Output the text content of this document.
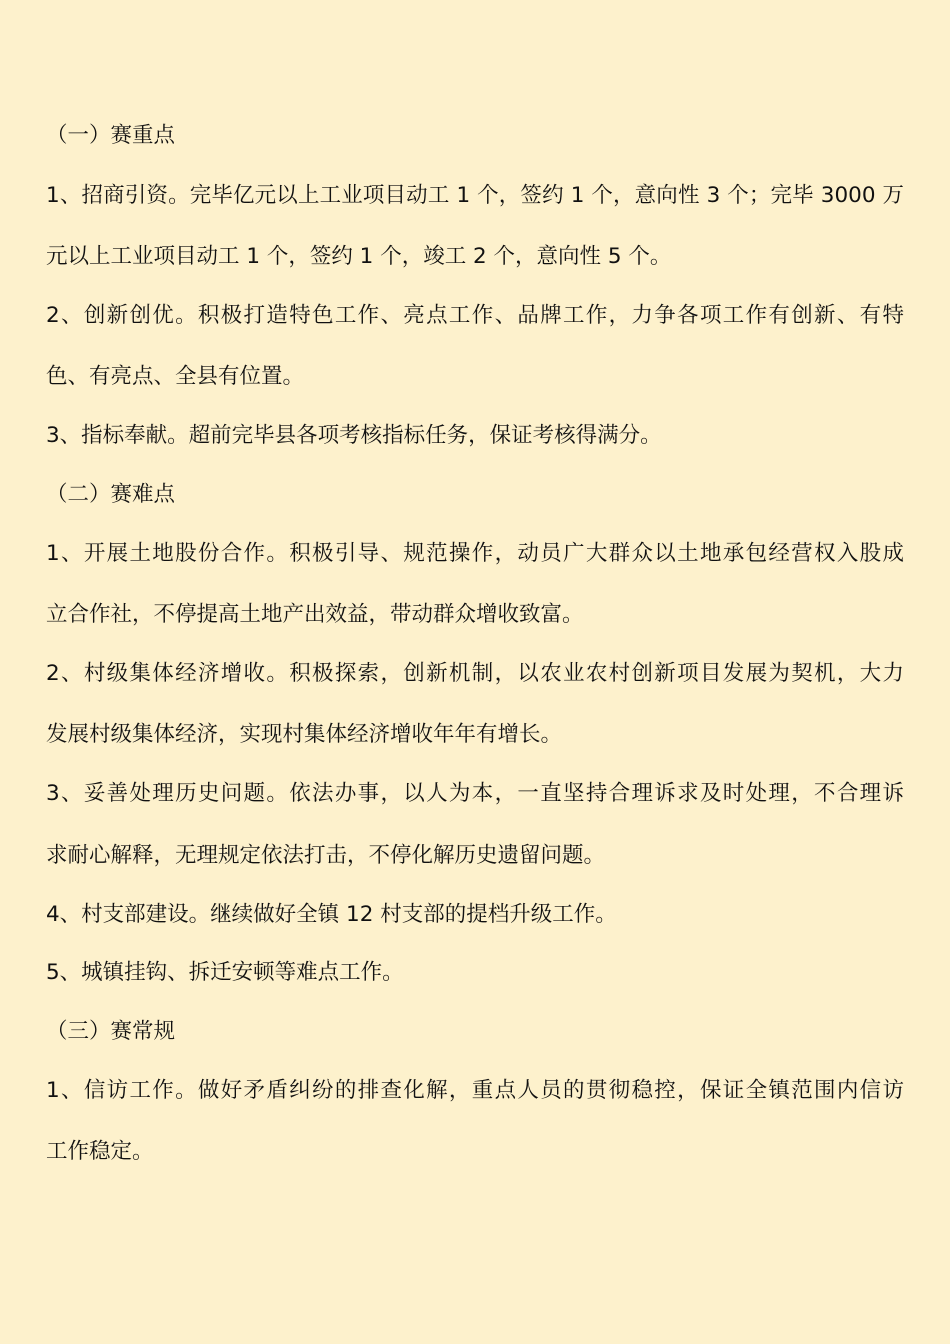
（一）赛重点

1、招商引资。完毕亿元以上工业项目动工 1 个，签约 1 个，意向性 3 个；完毕 3000 万

元以上工业项目动工 1 个，签约 1 个，竣工 2 个，意向性 5 个。

2、创新创优。积极打造特色工作、亮点工作、品牌工作，力争各项工作有创新、有特

色、有亮点、全县有位置。

3、指标奉献。超前完毕县各项考核指标任务，保证考核得满分。

（二）赛难点

1、开展土地股份合作。积极引导、规范操作，动员广大群众以土地承包经营权入股成

立合作社，不停提高土地产出效益，带动群众增收致富。

2、村级集体经济增收。积极探索，创新机制，以农业农村创新项目发展为契机，大力

发展村级集体经济，实现村集体经济增收年年有增长。

3、妥善处理历史问题。依法办事，以人为本，一直坚持合理诉求及时处理，不合理诉

求耐心解释，无理规定依法打击，不停化解历史遗留问题。

4、村支部建设。继续做好全镇 12 村支部的提档升级工作。

5、城镇挂钩、拆迁安顿等难点工作。

（三）赛常规

1、信访工作。做好矛盾纠纷的排查化解，重点人员的贯彻稳控，保证全镇范围内信访

工作稳定。
